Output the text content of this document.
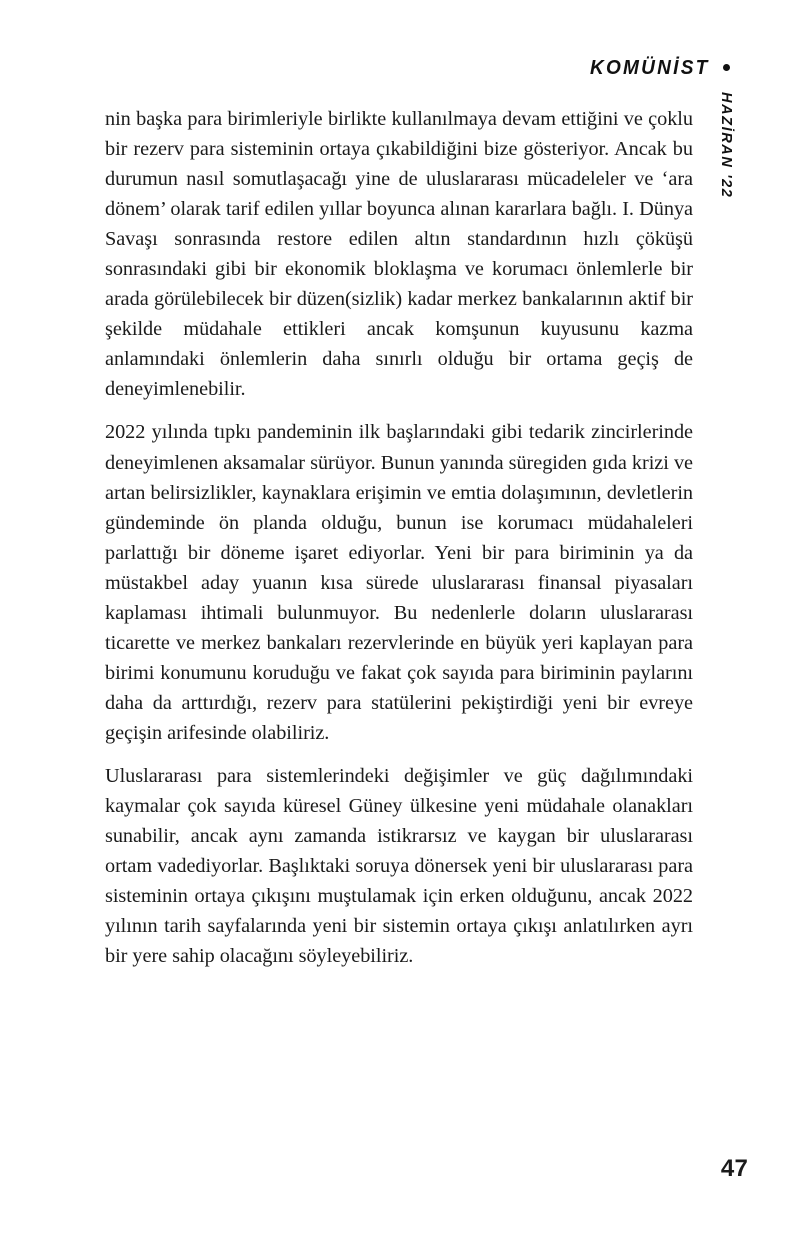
KOMÜNİST
HAZİRAN '22

nin başka para birimleriyle birlikte kullanılmaya devam ettiğini ve çoklu bir rezerv para sisteminin ortaya çıkabildiğini bize gösteriyor. Ancak bu durumun nasıl somutlaşacağı yine de uluslararası mücadeleler ve ‘ara dönem’ olarak tarif edilen yıllar boyunca alınan kararlara bağlı. I. Dünya Savaşı sonrasında restore edilen altın standardının hızlı çöküşü sonrasındaki gibi bir ekonomik bloklaşma ve korumacı önlemlerle bir arada görülebilecek bir düzen(sizlik) kadar merkez bankalarının aktif bir şekilde müdahale ettikleri ancak komşunun kuyusunu kazma anlamındaki önlemlerin daha sınırlı olduğu bir ortama geçiş de deneyimlenebilir.

2022 yılında tıpkı pandeminin ilk başlarındaki gibi tedarik zincirlerinde deneyimlenen aksamalar sürüyor. Bunun yanında süregiden gıda krizi ve artan belirsizlikler, kaynaklara erişimin ve emtia dolaşımının, devletlerin gündeminde ön planda olduğu, bunun ise korumacı müdahaleleri parlattığı bir döneme işaret ediyorlar. Yeni bir para biriminin ya da müstakbel aday yuanın kısa sürede uluslararası finansal piyasaları kaplaması ihtimali bulunmuyor. Bu nedenlerle doların uluslararası ticarette ve merkez bankaları rezervlerinde en büyük yeri kaplayan para birimi konumunu koruduğu ve fakat çok sayıda para biriminin paylarını daha da arttırdığı, rezerv para statülerini pekiştirdiği yeni bir evreye geçişin arifesinde olabiliriz.

Uluslararası para sistemlerindeki değişimler ve güç dağılımındaki kaymalar çok sayıda küresel Güney ülkesine yeni müdahale olanakları sunabilir, ancak aynı zamanda istikrarsız ve kaygan bir uluslararası ortam vadediyorlar. Başlıktaki soruya dönersek yeni bir uluslararası para sisteminin ortaya çıkışını muştulamak için erken olduğunu, ancak 2022 yılının tarih sayfalarında yeni bir sistemin ortaya çıkışı anlatılırken ayrı bir yere sahip olacağını söyleyebiliriz.

47
